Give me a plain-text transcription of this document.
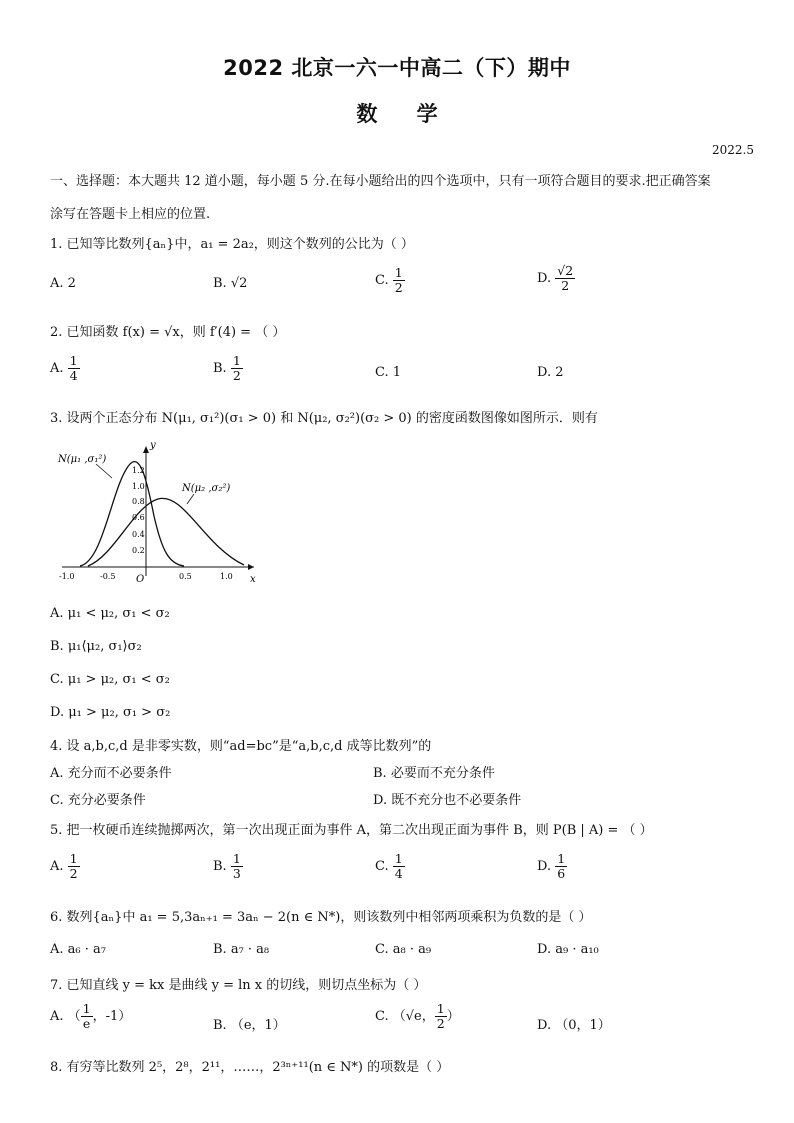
2022 北京一六一中高二（下）期中
数 学
2022.5
一、选择题：本大题共 12 道小题，每小题 5 分.在每小题给出的四个选项中，只有一项符合题目的要求.把正确答案
涂写在答题卡上相应的位置.
1. 已知等比数列{aₙ}中，a₁ = 2a₂，则这个数列的公比为（ ）
A. 2	B. √2	C. $\frac{1}{2}$	D. $\frac{√2}{2}$
2. 已知函数 f(x) = √x，则 f′(4) = （ ）
A. $\frac{1}{4}$	B. $\frac{1}{2}$	C. 1	D. 2
3. 设两个正态分布 N(μ₁, σ₁²)(σ₁ > 0) 和 N(μ₂, σ₂²)(σ₂ > 0) 的密度函数图像如图所示．则有
1.2
1.0
0.8
0.6
0.4
0.2
-1.0	-0.5	0.5	1.0
O	x
y
N(μ₁ ,σ₁²)
N(μ₂ ,σ₂²)
A. μ₁ < μ₂, σ₁ < σ₂
B. μ₁⟨μ₂, σ₁⟩σ₂
C. μ₁ > μ₂, σ₁ < σ₂
D. μ₁ > μ₂, σ₁ > σ₂
4. 设 a,b,c,d 是非零实数，则“ad=bc”是“a,b,c,d 成等比数列”的
A. 充分而不必要条件	B. 必要而不充分条件
C. 充分必要条件	D. 既不充分也不必要条件
5. 把一枚硬币连续抛掷两次，第一次出现正面为事件 A，第二次出现正面为事件 B，则 P(B | A) = （ ）
A. $\frac{1}{2}$	B. $\frac{1}{3}$	C. $\frac{1}{4}$	D. $\frac{1}{6}$
6. 数列{aₙ}中 a₁ = 5,3aₙ₊₁ = 3aₙ − 2(n ∈ N*)，则该数列中相邻两项乘积为负数的是（ ）
A. a₆ · a₇	B. a₇ · a₈	C. a₈ · a₉	D. a₉ · a₁₀
7. 已知直线 y = kx 是曲线 y = ln x 的切线，则切点坐标为（ ）
A. （ $\frac{1}{e}$ ，-1）
B. （e，1）
C. （√e， $\frac{1}{2}$ ）
D. （0，1）
8. 有穷等比数列 2⁵，2⁸，2¹¹，……，2³ⁿ⁺¹¹(n ∈ N*) 的项数是（ ）
